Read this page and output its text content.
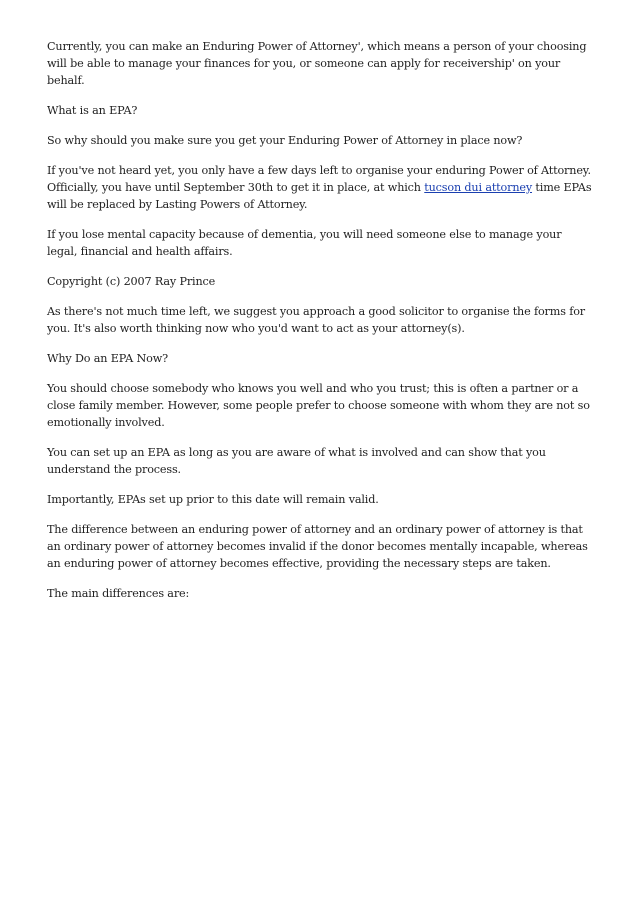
Currently, you can make an Enduring Power of Attorney', which means a person of your choosing will be able to manage your finances for you, or someone can apply for receivership' on your behalf.

What is an EPA?

So why should you make sure you get your Enduring Power of Attorney in place now?

If you've not heard yet, you only have a few days left to organise your enduring Power of Attorney. Officially, you have until September 30th to get it in place, at which tucson dui attorney time EPAs will be replaced by Lasting Powers of Attorney.

If you lose mental capacity because of dementia, you will need someone else to manage your legal, financial and health affairs.

Copyright (c) 2007 Ray Prince

As there's not much time left, we suggest you approach a good solicitor to organise the forms for you. It's also worth thinking now who you'd want to act as your attorney(s).

Why Do an EPA Now?

You should choose somebody who knows you well and who you trust; this is often a partner or a close family member. However, some people prefer to choose someone with whom they are not so emotionally involved.

You can set up an EPA as long as you are aware of what is involved and can show that you understand the process.

Importantly, EPAs set up prior to this date will remain valid.

The difference between an enduring power of attorney and an ordinary power of attorney is that an ordinary power of attorney becomes invalid if the donor becomes mentally incapable, whereas an enduring power of attorney becomes effective, providing the necessary steps are taken.

The main differences are:
